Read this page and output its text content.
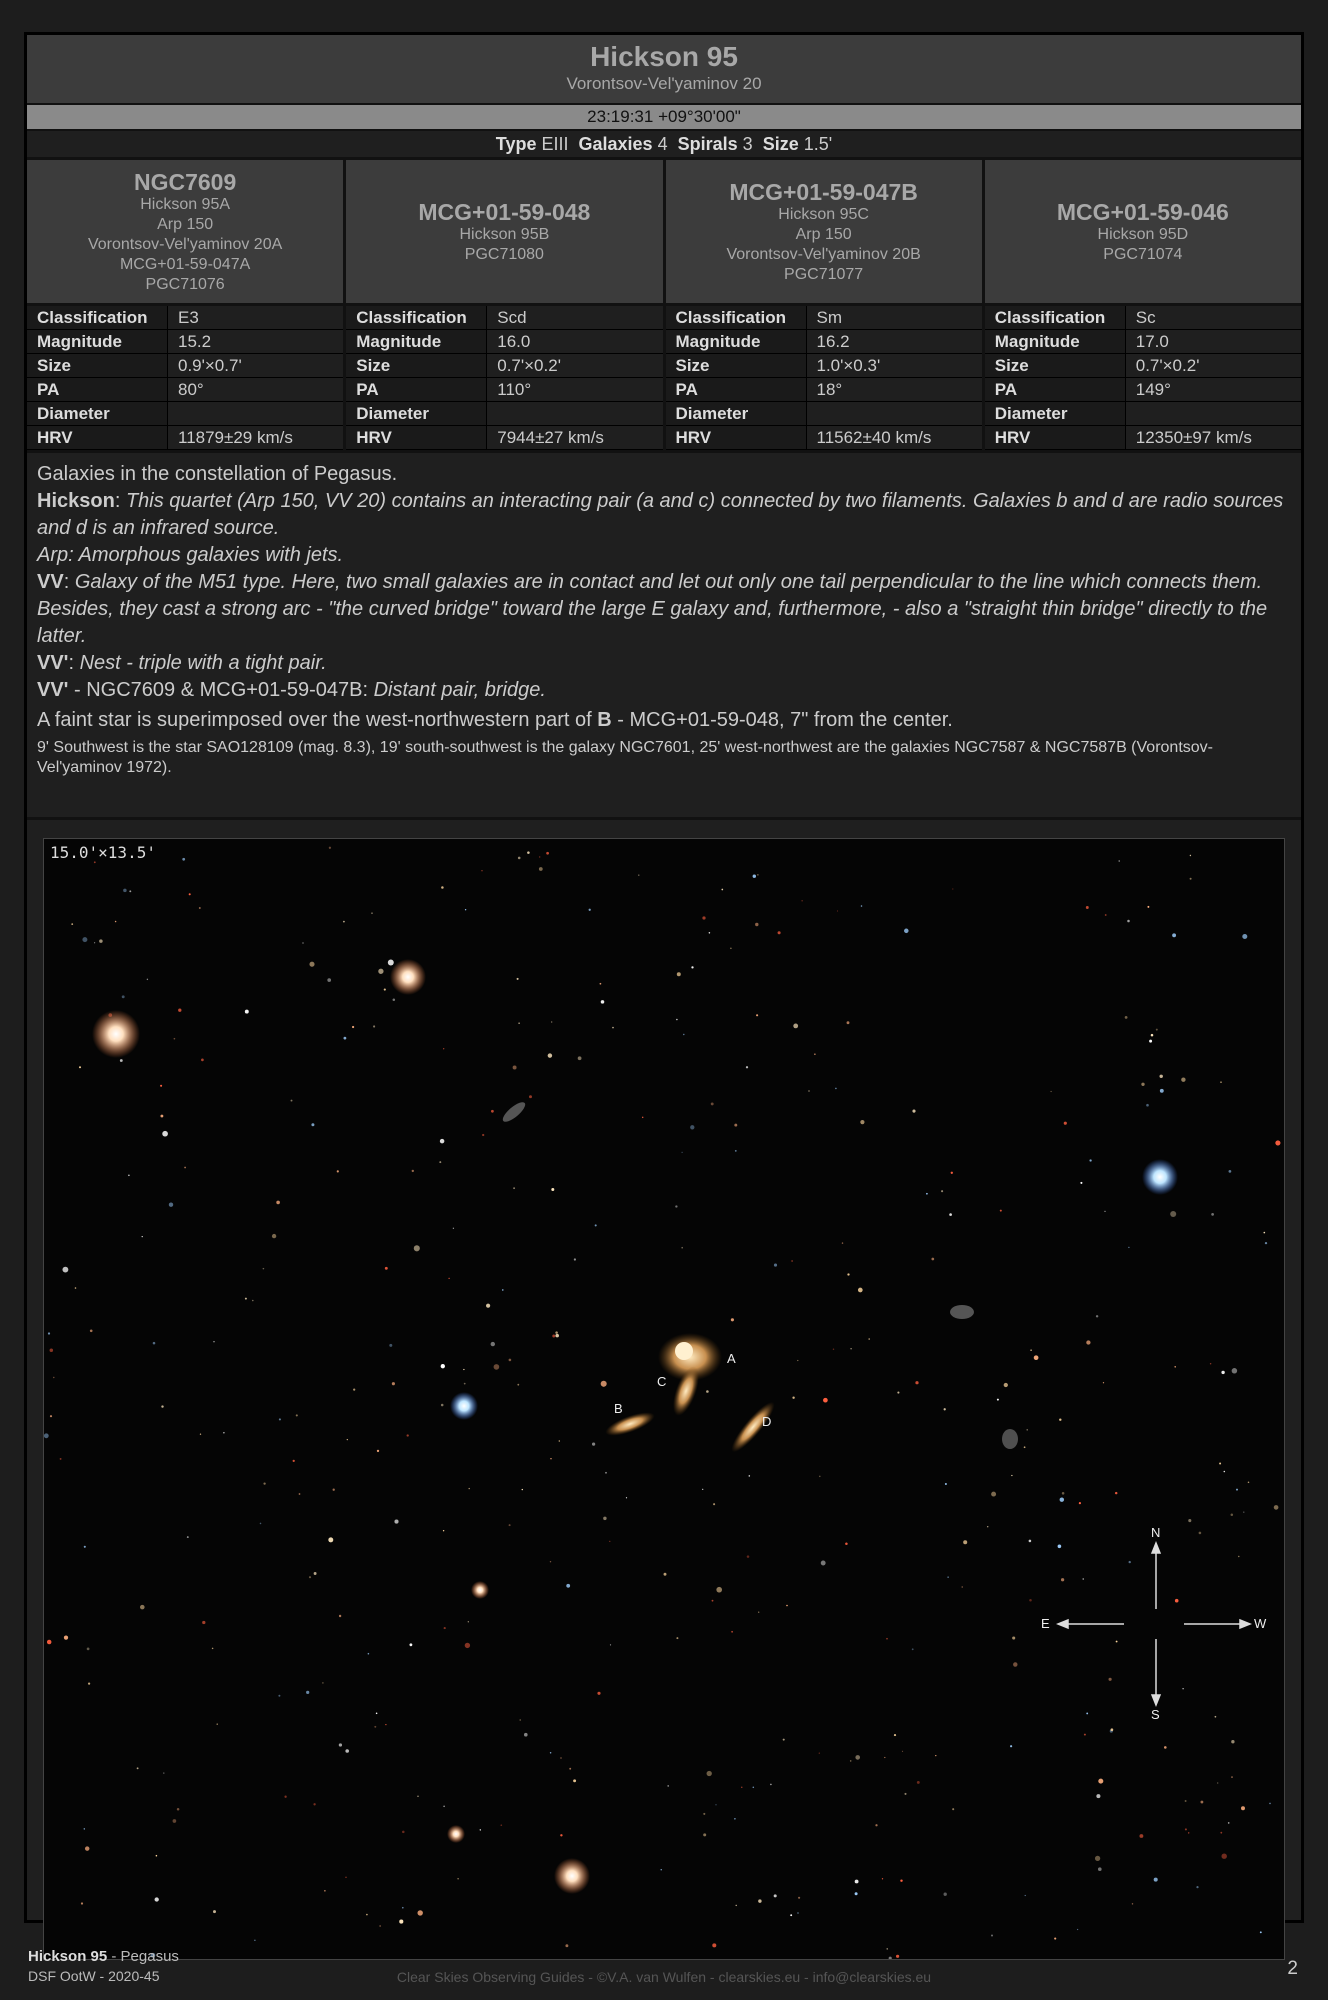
Hickson 95
Vorontsov-Vel'yaminov 20
23:19:31 +09°30'00"
Type EIII Galaxies 4 Spirals 3 Size 1.5'
NGC7609
Hickson 95A
Arp 150
Vorontsov-Vel'yaminov 20A
MCG+01-59-047A
PGC71076
Classification	E3
Magnitude	15.2
Size	0.9'×0.7'
PA	80°
Diameter	
HRV	11879±29 km/s
MCG+01-59-048
Hickson 95B
PGC71080
Classification	Scd
Magnitude	16.0
Size	0.7'×0.2'
PA	110°
Diameter	
HRV	7944±27 km/s
MCG+01-59-047B
Hickson 95C
Arp 150
Vorontsov-Vel'yaminov 20B
PGC71077
Classification	Sm
Magnitude	16.2
Size	1.0'×0.3'
PA	18°
Diameter	
HRV	11562±40 km/s
MCG+01-59-046
Hickson 95D
PGC71074
Classification	Sc
Magnitude	17.0
Size	0.7'×0.2'
PA	149°
Diameter	
HRV	12350±97 km/s

Galaxies in the constellation of Pegasus.

Hickson: This quartet (Arp 150, VV 20) contains an interacting pair (a and c) connected by two filaments. Galaxies b and d are radio sources and d is an infrared source.

Arp: Amorphous galaxies with jets.

VV: Galaxy of the M51 type. Here, two small galaxies are in contact and let out only one tail perpendicular to the line which connects them. Besides, they cast a strong arc - "the curved bridge" toward the large E galaxy and, furthermore, - also a "straight thin bridge" directly to the latter.

VV': Nest - triple with a tight pair.

VV' - NGC7609 & MCG+01-59-047B: Distant pair, bridge.

A faint star is superimposed over the west-northwestern part of B - MCG+01-59-048, 7" from the center.

9' Southwest is the star SAO128109 (mag. 8.3), 19' south-southwest is the galaxy NGC7601, 25' west-northwest are the galaxies NGC7587 & NGC7587B (Vorontsov-Vel'yaminov 1972).

15.0'×13.5'
A
B
C
D
N
S
E	W
Hickson 95 - Pegasus
DSF OotW - 2020-45	Clear Skies Observing Guides - ©V.A. van Wulfen - clearskies.eu - info@clearskies.eu	2
